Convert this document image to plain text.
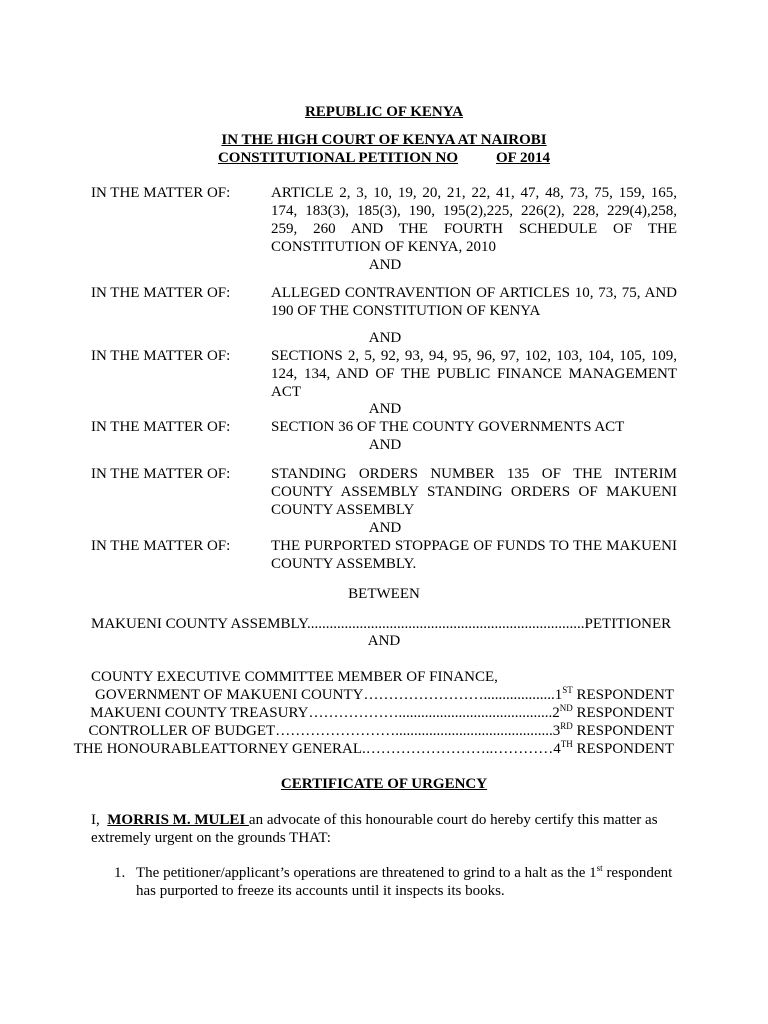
REPUBLIC OF KENYA
IN THE HIGH COURT OF KENYA AT NAIROBI
CONSTITUTIONAL PETITION NO	OF 2014
IN THE MATTER OF:	ARTICLE 2, 3, 10, 19, 20, 21, 22, 41, 47, 48, 73, 75, 159, 165, 174, 183(3), 185(3), 190, 195(2),225, 226(2), 228, 229(4),258, 259, 260 AND THE FOURTH SCHEDULE OF THE CONSTITUTION OF KENYA, 2010
AND
IN THE MATTER OF:	ALLEGED CONTRAVENTION OF ARTICLES 10, 73, 75, AND 190 OF THE CONSTITUTION OF KENYA
AND
IN THE MATTER OF:	SECTIONS 2, 5, 92, 93, 94, 95, 96, 97, 102, 103, 104, 105, 109, 124, 134, AND OF THE PUBLIC FINANCE MANAGEMENT ACT
AND
IN THE MATTER OF:	SECTION 36 OF THE COUNTY GOVERNMENTS ACT
AND
IN THE MATTER OF:	STANDING ORDERS NUMBER 135 OF THE INTERIM COUNTY ASSEMBLY STANDING ORDERS OF MAKUENI COUNTY ASSEMBLY
AND
IN THE MATTER OF:	THE PURPORTED STOPPAGE OF FUNDS TO THE MAKUENI COUNTY ASSEMBLY.
BETWEEN
MAKUENI COUNTY ASSEMBLY..........................................................................PETITIONER
AND
COUNTY EXECUTIVE COMMITTEE MEMBER OF FINANCE,
GOVERNMENT OF MAKUENI COUNTY……………………...................1ST RESPONDENT
MAKUENI COUNTY TREASURY……………….........................................2ND RESPONDENT
CONTROLLER OF BUDGET……………………..........................................3RD RESPONDENT
THE HONOURABLEATTORNEY GENERAL.……………………..…………4TH RESPONDENT
CERTIFICATE OF URGENCY
I,  MORRIS M. MULEI an advocate of this honourable court do hereby certify this matter as extremely urgent on the grounds THAT:
1. The petitioner/applicant’s operations are threatened to grind to a halt as the 1st respondent has purported to freeze its accounts until it inspects its books.
